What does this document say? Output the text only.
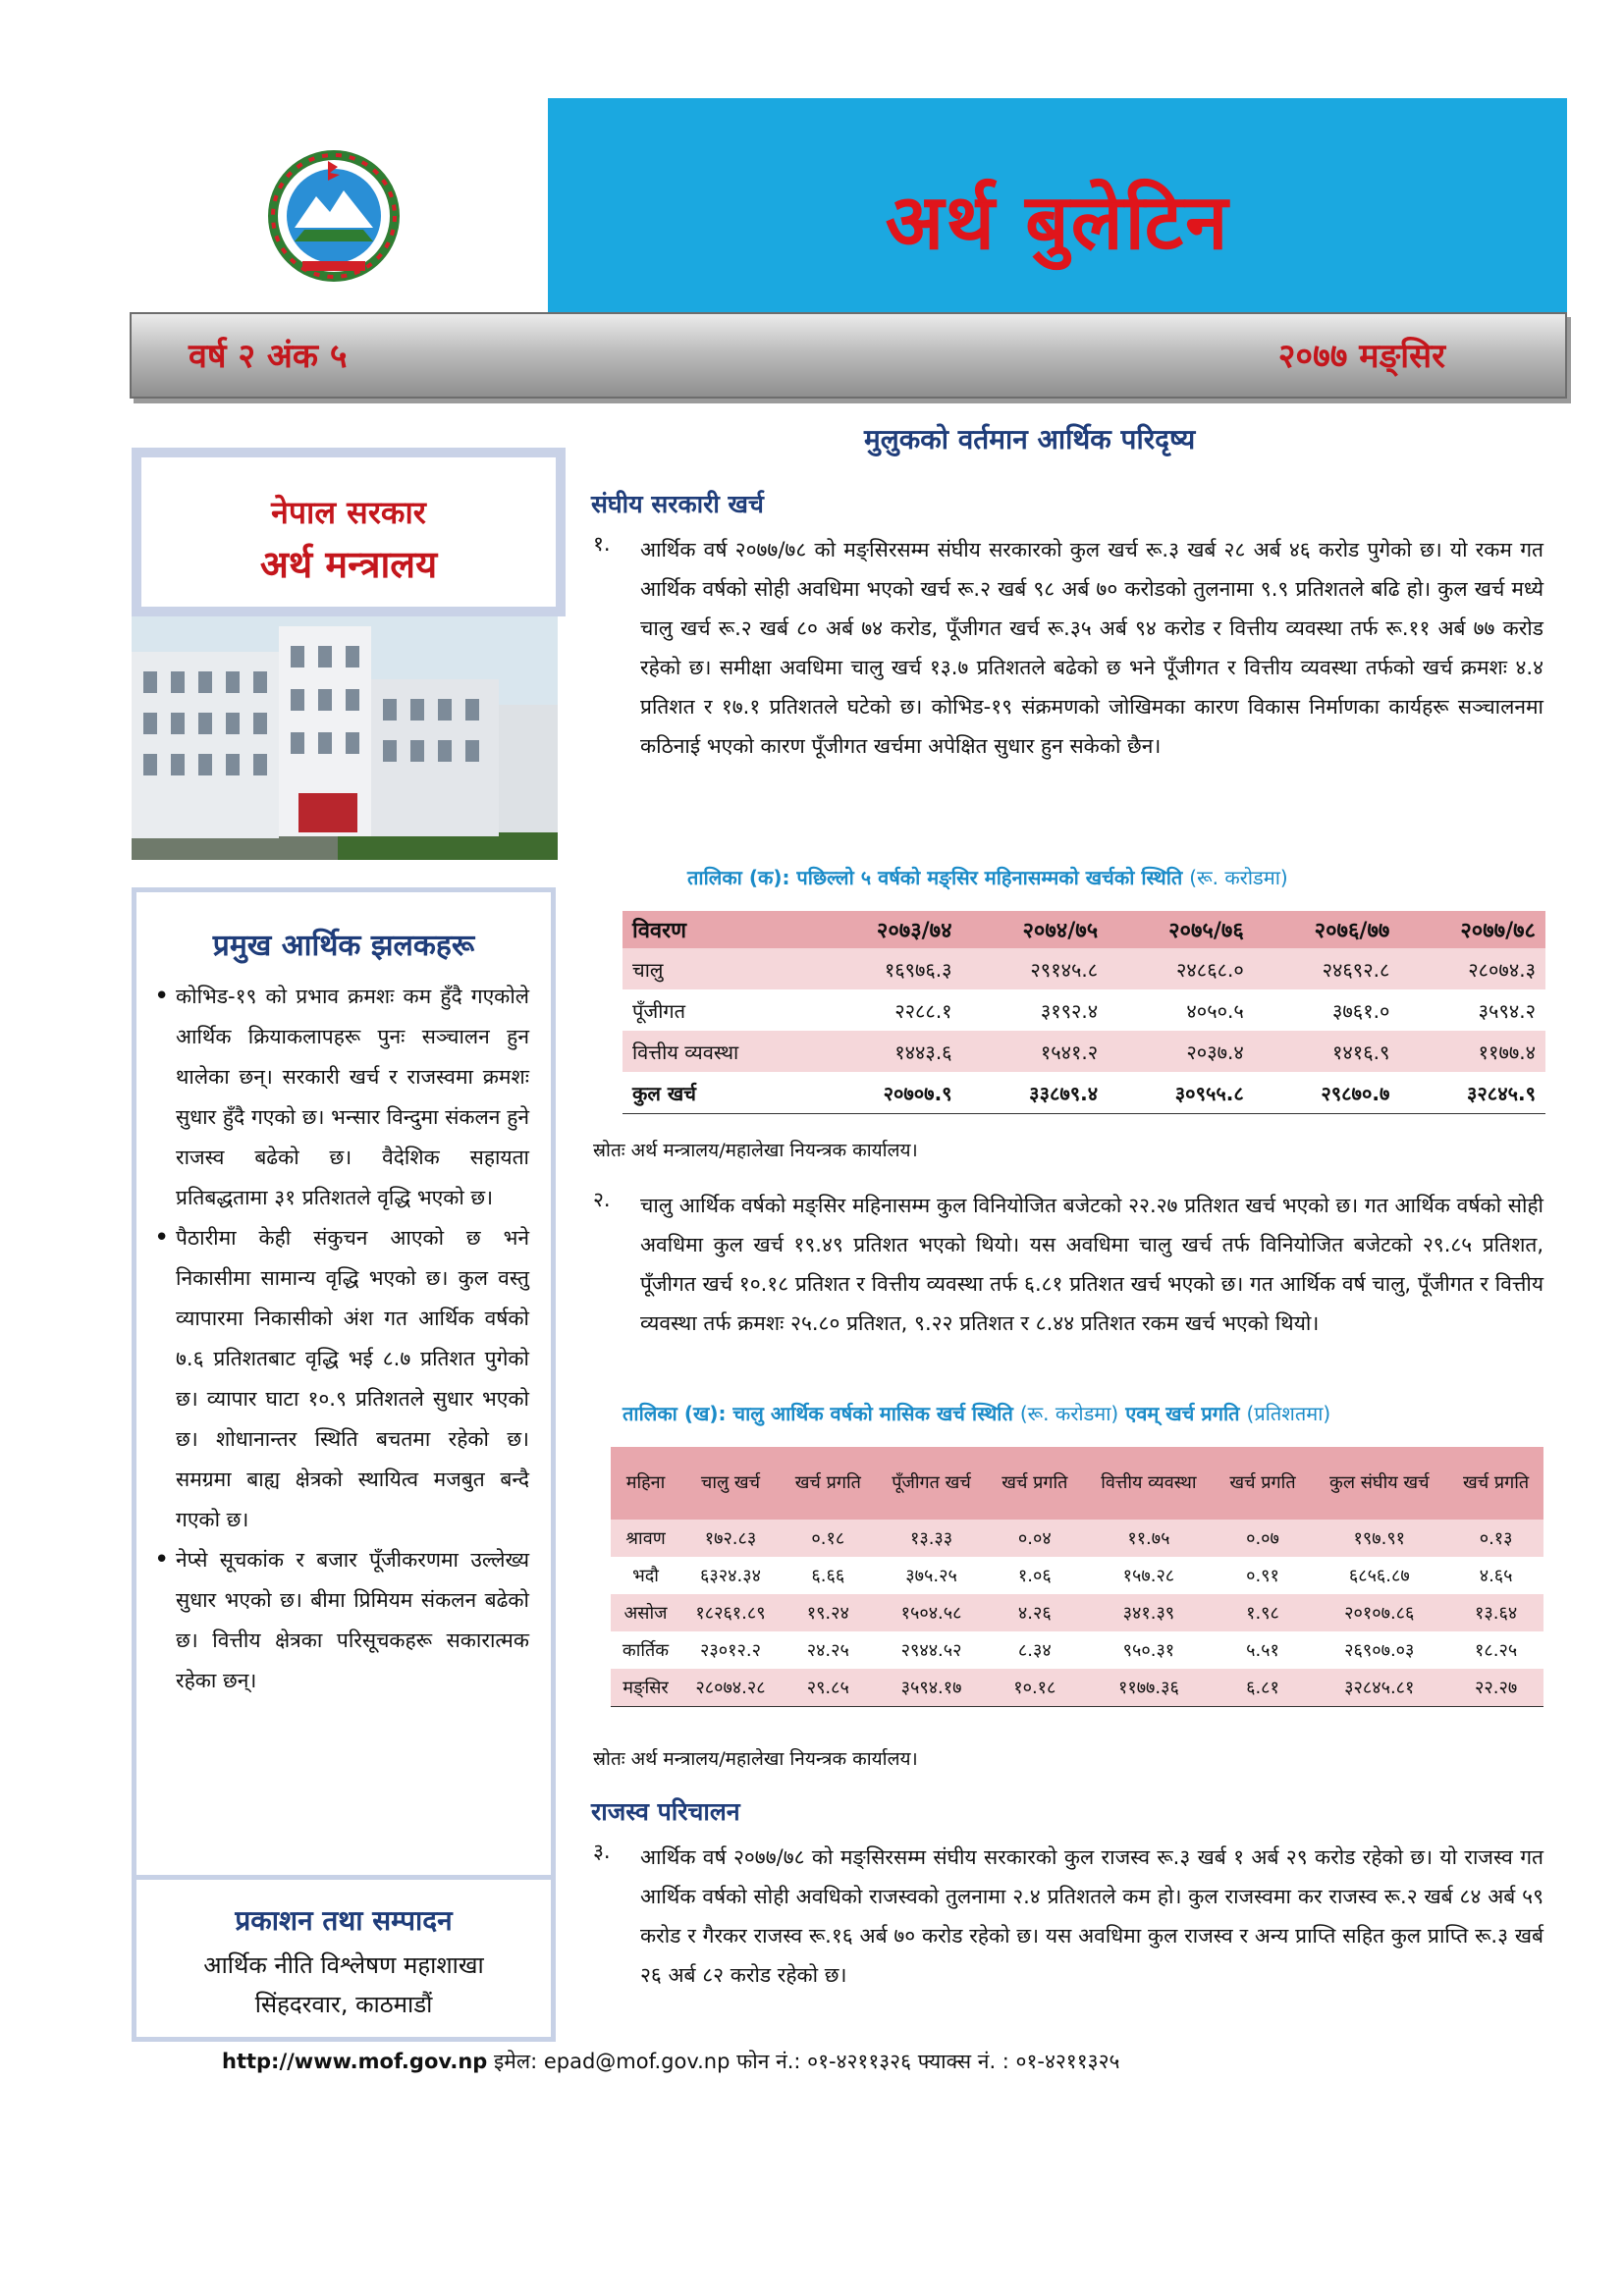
अर्थ बुलेटिन
वर्ष २ अंक ५	२०७७ मङ्सिर
नेपाल सरकार
अर्थ मन्त्रालय
प्रमुख आर्थिक झलकहरू
• कोभिड-१९ को प्रभाव क्रमशः कम हुँदै गएकोले आर्थिक क्रियाकलापहरू पुनः सञ्चालन हुन थालेका छन्। सरकारी खर्च र राजस्वमा क्रमशः सुधार हुँदै गएको छ। भन्सार विन्दुमा संकलन हुने राजस्व बढेको छ। वैदेशिक सहायता प्रतिबद्धतामा ३१ प्रतिशतले वृद्धि भएको छ।
• पैठारीमा केही संकुचन आएको छ भने निकासीमा सामान्य वृद्धि भएको छ। कुल वस्तु व्यापारमा निकासीको अंश गत आर्थिक वर्षको ७.६ प्रतिशतबाट वृद्धि भई ८.७ प्रतिशत पुगेको छ। व्यापार घाटा १०.९ प्रतिशतले सुधार भएको छ। शोधानान्तर स्थिति बचतमा रहेको छ। समग्रमा बाह्य क्षेत्रको स्थायित्व मजबुत बन्दै गएको छ।
• नेप्से सूचकांक र बजार पूँजीकरणमा उल्लेख्य सुधार भएको छ। बीमा प्रिमियम संकलन बढेको छ। वित्तीय क्षेत्रका परिसूचकहरू सकारात्मक रहेका छन्।
प्रकाशन तथा सम्पादन
आर्थिक नीति विश्लेषण महाशाखा
सिंहदरवार, काठमाडौं
मुलुकको वर्तमान आर्थिक परिदृष्य
संघीय सरकारी खर्च
१. आर्थिक वर्ष २०७७/७८ को मङ्सिरसम्म संघीय सरकारको कुल खर्च रू.३ खर्ब २८ अर्ब ४६ करोड पुगेको छ। यो रकम गत आर्थिक वर्षको सोही अवधिमा भएको खर्च रू.२ खर्ब ९८ अर्ब ७० करोडको तुलनामा ९.९ प्रतिशतले बढि हो। कुल खर्च मध्ये चालु खर्च रू.२ खर्ब ८० अर्ब ७४ करोड, पूँजीगत खर्च रू.३५ अर्ब ९४ करोड र वित्तीय व्यवस्था तर्फ रू.११ अर्ब ७७ करोड रहेको छ। समीक्षा अवधिमा चालु खर्च १३.७ प्रतिशतले बढेको छ भने पूँजीगत र वित्तीय व्यवस्था तर्फको खर्च क्रमशः ४.४ प्रतिशत र १७.१ प्रतिशतले घटेको छ। कोभिड-१९ संक्रमणको जोखिमका कारण विकास निर्माणका कार्यहरू सञ्चालनमा कठिनाई भएको कारण पूँजीगत खर्चमा अपेक्षित सुधार हुन सकेको छैन।
तालिका (क): पछिल्लो ५ वर्षको मङ्सिर महिनासम्मको खर्चको स्थिति (रू. करोडमा)
विवरण	२०७३/७४	२०७४/७५	२०७५/७६	२०७६/७७	२०७७/७८
चालु	१६९७६.३	२९१४५.८	२४८६८.०	२४६९२.८	२८०७४.३
पूँजीगत	२२८८.१	३१९२.४	४०५०.५	३७६१.०	३५९४.२
वित्तीय व्यवस्था	१४४३.६	१५४१.२	२०३७.४	१४१६.९	११७७.४
कुल खर्च	२०७०७.९	३३८७९.४	३०९५५.८	२९८७०.७	३२८४५.९
स्रोतः अर्थ मन्त्रालय/महालेखा नियन्त्रक कार्यालय।
२. चालु आर्थिक वर्षको मङ्सिर महिनासम्म कुल विनियोजित बजेटको २२.२७ प्रतिशत खर्च भएको छ। गत आर्थिक वर्षको सोही अवधिमा कुल खर्च १९.४९ प्रतिशत भएको थियो। यस अवधिमा चालु खर्च तर्फ विनियोजित बजेटको २९.८५ प्रतिशत, पूँजीगत खर्च १०.१८ प्रतिशत र वित्तीय व्यवस्था तर्फ ६.८१ प्रतिशत खर्च भएको छ। गत आर्थिक वर्ष चालु, पूँजीगत र वित्तीय व्यवस्था तर्फ क्रमशः २५.८० प्रतिशत, ९.२२ प्रतिशत र ८.४४ प्रतिशत रकम खर्च भएको थियो।
तालिका (ख): चालु आर्थिक वर्षको मासिक खर्च स्थिति (रू. करोडमा) एवम् खर्च प्रगति (प्रतिशतमा)
महिना	चालु खर्च	खर्च प्रगति	पूँजीगत खर्च	खर्च प्रगति	वित्तीय व्यवस्था	खर्च प्रगति	कुल संघीय खर्च	खर्च प्रगति
श्रावण	१७२.८३	०.१८	१३.३३	०.०४	११.७५	०.०७	१९७.९१	०.१३
भदौ	६३२४.३४	६.६६	३७५.२५	१.०६	१५७.२८	०.९१	६८५६.८७	४.६५
असोज	१८२६१.८९	१९.२४	१५०४.५८	४.२६	३४१.३९	१.९८	२०१०७.८६	१३.६४
कार्तिक	२३०१२.२	२४.२५	२९४४.५२	८.३४	९५०.३१	५.५१	२६९०७.०३	१८.२५
मङ्सिर	२८०७४.२८	२९.८५	३५९४.१७	१०.१८	११७७.३६	६.८१	३२८४५.८१	२२.२७
स्रोतः अर्थ मन्त्रालय/महालेखा नियन्त्रक कार्यालय।
राजस्व परिचालन
३. आर्थिक वर्ष २०७७/७८ को मङ्सिरसम्म संघीय सरकारको कुल राजस्व रू.३ खर्ब १ अर्ब २९ करोड रहेको छ। यो राजस्व गत आर्थिक वर्षको सोही अवधिको राजस्वको तुलनामा २.४ प्रतिशतले कम हो। कुल राजस्वमा कर राजस्व रू.२ खर्ब ८४ अर्ब ५९ करोड र गैरकर राजस्व रू.१६ अर्ब ७० करोड रहेको छ। यस अवधिमा कुल राजस्व र अन्य प्राप्ति सहित कुल प्राप्ति रू.३ खर्ब २६ अर्ब ८२ करोड रहेको छ।
http://www.mof.gov.np इमेल: epad@mof.gov.np फोन नं.: ०१-४२११३२६ फ्याक्स नं. : ०१-४२११३२५
